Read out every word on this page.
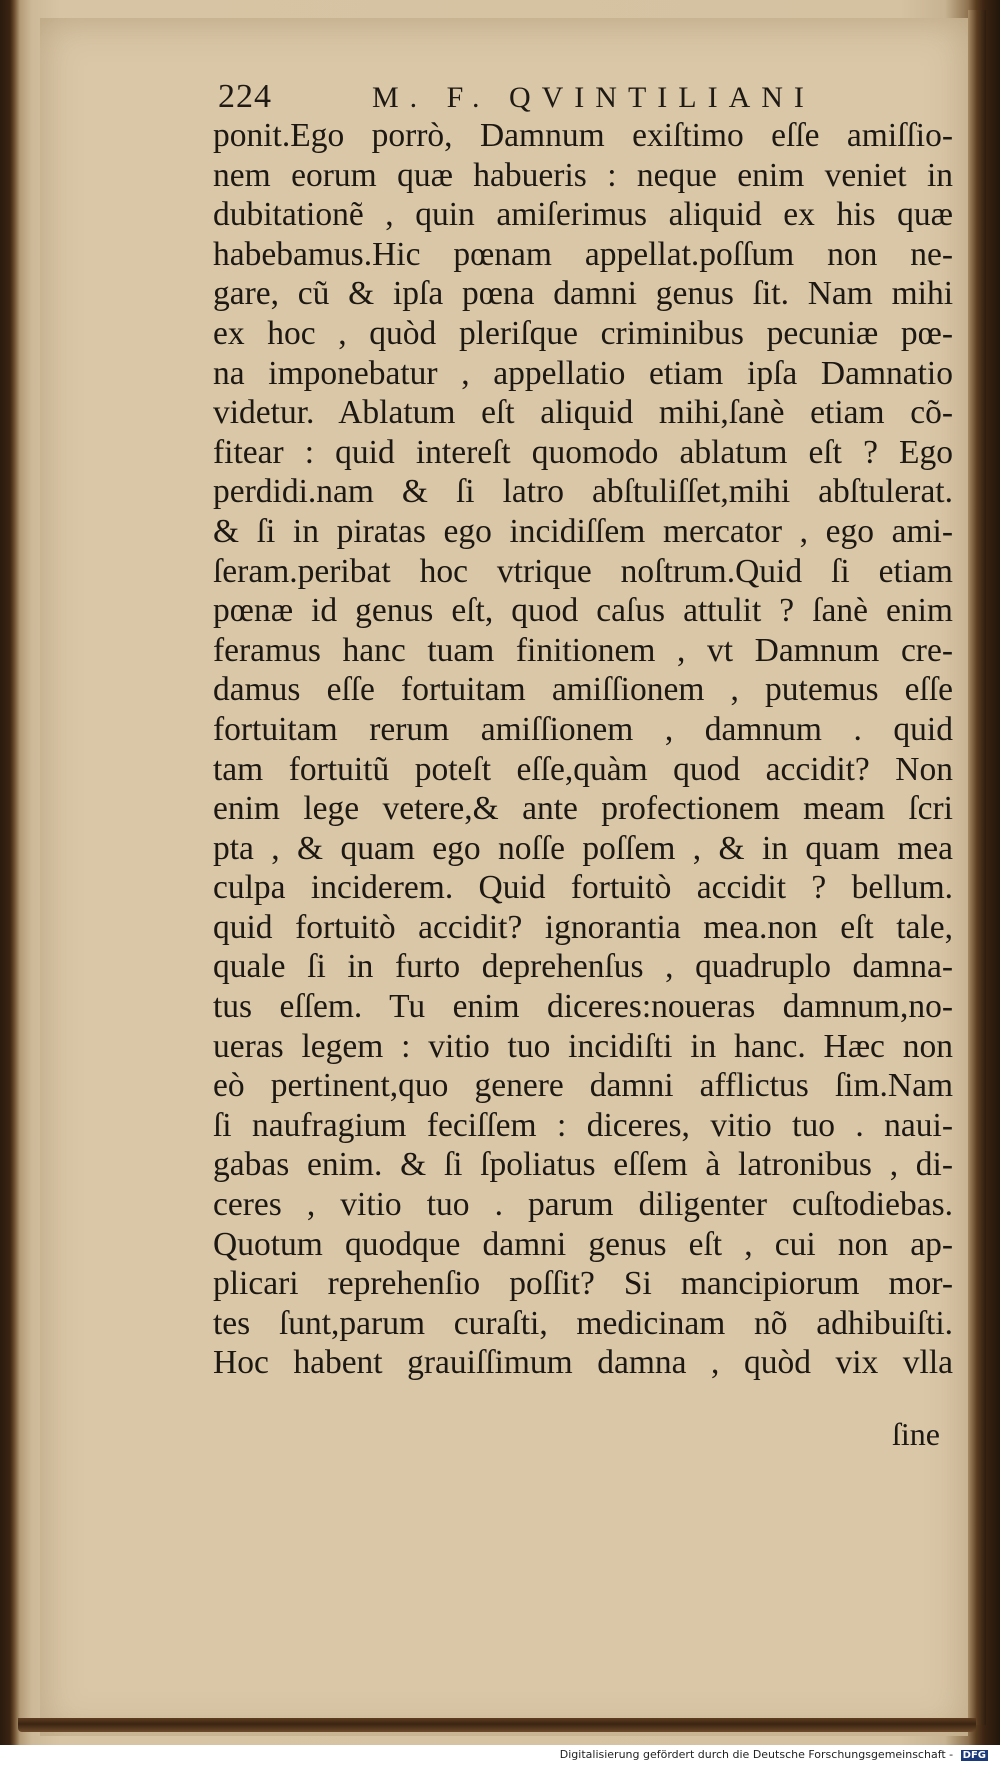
224	M. F. QVINTILIANI
ponit.Ego porrò, Damnum exiſtimo eſſe amiſſio-
nem eorum quæ habueris : neque enim veniet in
dubitationẽ , quin amiſerimus aliquid ex his quæ
habebamus.Hic pœnam appellat.poſſum non ne-
gare, cũ & ipſa pœna damni genus ſit. Nam mihi
ex hoc , quòd pleriſque criminibus pecuniæ pœ-
na imponebatur , appellatio etiam ipſa Damnatio
videtur. Ablatum eſt aliquid mihi,ſanè etiam cõ-
fitear : quid intereſt quomodo ablatum eſt ? Ego
perdidi.nam & ſi latro abſtuliſſet,mihi abſtulerat.
& ſi in piratas ego incidiſſem mercator , ego ami-
ſeram.peribat hoc vtrique noſtrum.Quid ſi etiam
pœnæ id genus eſt, quod caſus attulit ? ſanè enim
feramus hanc tuam finitionem , vt Damnum cre-
damus eſſe fortuitam amiſſionem , putemus eſſe
fortuitam rerum amiſſionem , damnum . quid
tam fortuitũ poteſt eſſe,quàm quod accidit? Non
enim lege vetere,& ante profectionem meam ſcri
pta , & quam ego noſſe poſſem , & in quam mea
culpa inciderem. Quid fortuitò accidit ? bellum.
quid fortuitò accidit? ignorantia mea.non eſt tale,
quale ſi in furto deprehenſus , quadruplo damna-
tus eſſem. Tu enim diceres:noueras damnum,no-
ueras legem : vitio tuo incidiſti in hanc. Hæc non
eò pertinent,quo genere damni afflictus ſim.Nam
ſi naufragium feciſſem : diceres, vitio tuo . naui-
gabas enim. & ſi ſpoliatus eſſem à latronibus , di-
ceres , vitio tuo . parum diligenter cuſtodiebas.
Quotum quodque damni genus eſt , cui non ap-
plicari reprehenſio poſſit? Si mancipiorum mor-
tes ſunt,parum curaſti, medicinam nõ adhibuiſti.
Hoc habent grauiſſimum damna , quòd vix vlla
ſine
Digitalisierung gefördert durch die Deutsche Forschungsgemeinschaft - DFG
